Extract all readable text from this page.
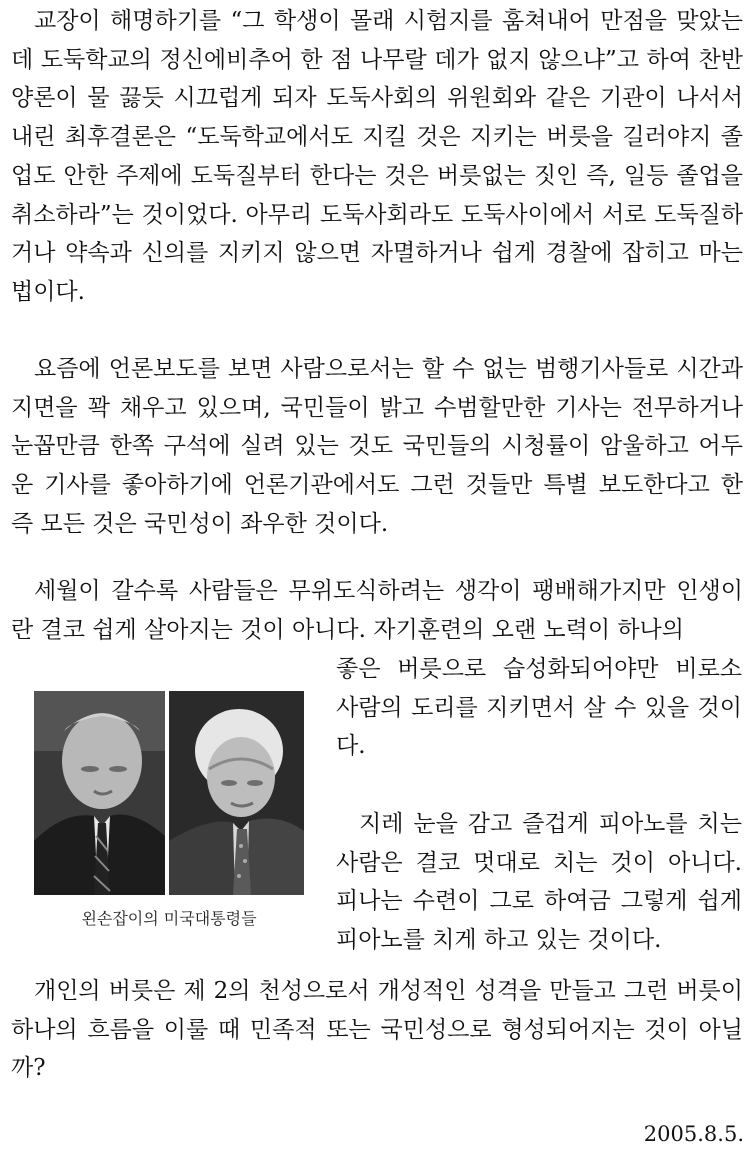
교장이 해명하기를 “그 학생이 몰래 시험지를 훔쳐내어 만점을 맞았는데 도둑학교의 정신에비추어 한 점 나무랄 데가 없지 않으냐”고 하여 찬반양론이 물 끓듯 시끄럽게 되자 도둑사회의 위원회와 같은 기관이 나서서 내린 최후결론은 “도둑학교에서도 지킬 것은 지키는 버릇을 길러야지 졸업도 안한 주제에 도둑질부터 한다는 것은 버릇없는 짓인 즉, 일등 졸업을 취소하라”는 것이었다. 아무리 도둑사회라도 도둑사이에서 서로 도둑질하거나 약속과 신의를 지키지 않으면 자멸하거나 쉽게 경찰에 잡히고 마는 법이다.

요즘에 언론보도를 보면 사람으로서는 할 수 없는 범행기사들로 시간과 지면을 꽉 채우고 있으며, 국민들이 밝고 수범할만한 기사는 전무하거나 눈꼽만큼 한쪽 구석에 실려 있는 것도 국민들의 시청률이 암울하고 어두운 기사를 좋아하기에 언론기관에서도 그런 것들만 특별 보도한다고 한 즉 모든 것은 국민성이 좌우한 것이다.

세월이 갈수록 사람들은 무위도식하려는 생각이 팽배해가지만 인생이란 결코 쉽게 살아지는 것이 아니다. 자기훈련의 오랜 노력이 하나의

좋은 버릇으로 습성화되어야만 비로소 사람의 도리를 지키면서 살 수 있을 것이다.

지레 눈을 감고 즐겁게 피아노를 치는 사람은 결코 멋대로 치는 것이 아니다. 피나는 수련이 그로 하여금 그렇게 쉽게 피아노를 치게 하고 있는 것이다.

개인의 버릇은 제 2의 천성으로서 개성적인 성격을 만들고 그런 버릇이 하나의 흐름을 이룰 때 민족적 또는 국민성으로 형성되어지는 것이 아닐까?

왼손잡이의 미국대통령들
2005.8.5.
